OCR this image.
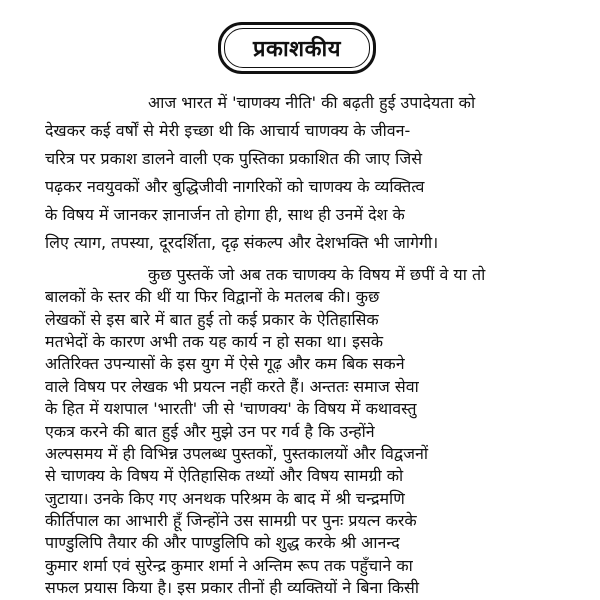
प्रकाशकीय
आज भारत में 'चाणक्य नीति' की बढ़ती हुई उपादेयता को
देखकर कई वर्षों से मेरी इच्छा थी कि आचार्य चाणक्य के जीवन-
चरित्र पर प्रकाश डालने वाली एक पुस्तिका प्रकाशित की जाए जिसे
पढ़कर नवयुवकों और बुद्धिजीवी नागरिकों को चाणक्य के व्यक्तित्व
के विषय में जानकर ज्ञानार्जन तो होगा ही, साथ ही उनमें देश के
लिए त्याग, तपस्या, दूरदर्शिता, दृढ़ संकल्प और देशभक्ति भी जागेगी।
कुछ पुस्तकें जो अब तक चाणक्य के विषय में छपीं वे या तो
बालकों के स्तर की थीं या फिर विद्वानों के मतलब की। कुछ
लेखकों से इस बारे में बात हुई तो कई प्रकार के ऐतिहासिक
मतभेदों के कारण अभी तक यह कार्य न हो सका था। इसके
अतिरिक्त उपन्यासों के इस युग में ऐसे गूढ़ और कम बिक सकने
वाले विषय पर लेखक भी प्रयत्न नहीं करते हैं। अन्ततः समाज सेवा
के हित में यशपाल 'भारती' जी से 'चाणक्य' के विषय में कथावस्तु
एकत्र करने की बात हुई और मुझे उन पर गर्व है कि उन्होंने
अल्पसमय में ही विभिन्न उपलब्ध पुस्तकों, पुस्तकालयों और विद्वजनों
से चाणक्य के विषय में ऐतिहासिक तथ्यों और विषय सामग्री को
जुटाया। उनके किए गए अनथक परिश्रम के बाद में श्री चन्द्रमणि
कीर्तिपाल का आभारी हूँ जिन्होंने उस सामग्री पर पुनः प्रयत्न करके
पाण्डुलिपि तैयार की और पाण्डुलिपि को शुद्ध करके श्री आनन्द
कुमार शर्मा एवं सुरेन्द्र कुमार शर्मा ने अन्तिम रूप तक पहुँचाने का
सफल प्रयास किया है। इस प्रकार तीनों ही व्यक्तियों ने बिना किसी
